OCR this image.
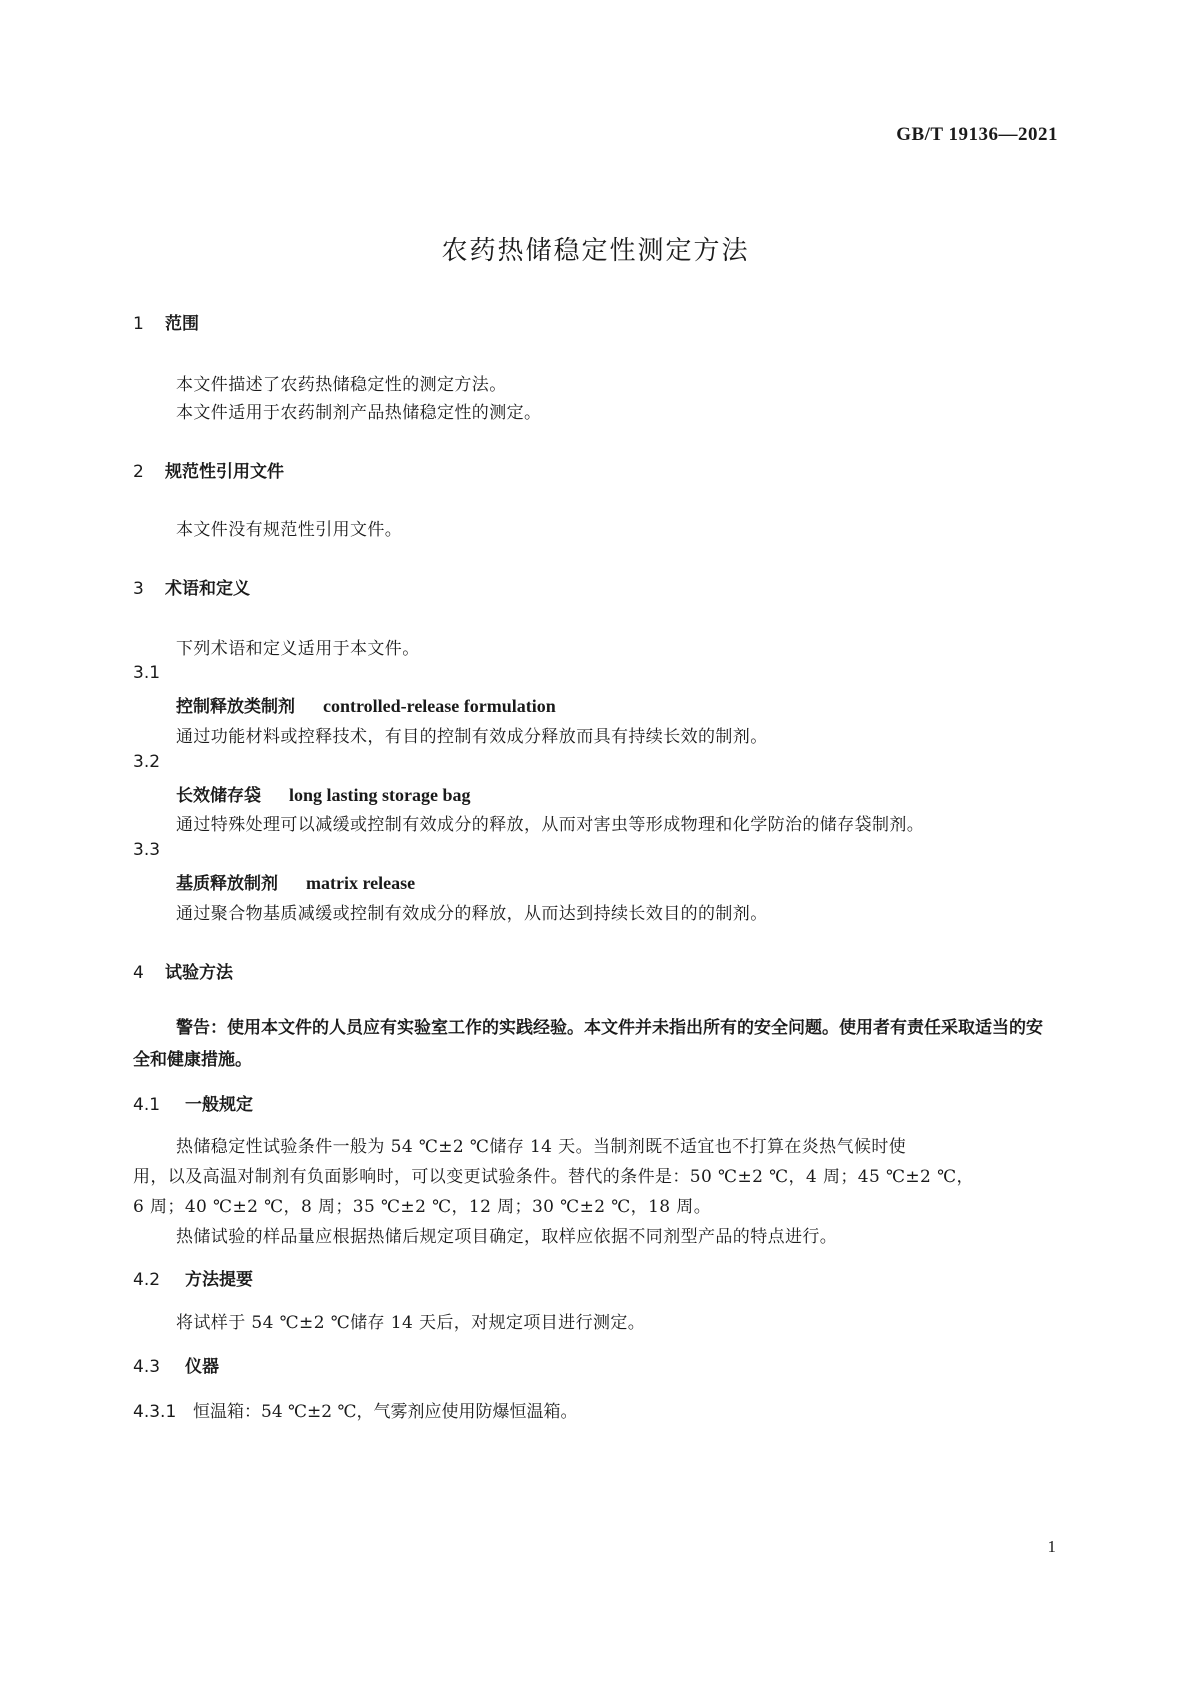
GB/T 19136—2021
农药热储稳定性测定方法
1 范围

本文件描述了农药热储稳定性的测定方法。

本文件适用于农药制剂产品热储稳定性的测定。

2 规范性引用文件

本文件没有规范性引用文件。

3 术语和定义

下列术语和定义适用于本文件。

3.1
控制释放类制剂 controlled-release formulation

通过功能材料或控释技术，有目的控制有效成分释放而具有持续长效的制剂。

3.2
长效储存袋 long lasting storage bag

通过特殊处理可以减缓或控制有效成分的释放，从而对害虫等形成物理和化学防治的储存袋制剂。

3.3
基质释放制剂 matrix release

通过聚合物基质减缓或控制有效成分的释放，从而达到持续长效目的的制剂。

4 试验方法

警告：使用本文件的人员应有实验室工作的实践经验。本文件并未指出所有的安全问题。使用者有责任采取适当的安全和健康措施。

4.1 一般规定

热储稳定性试验条件一般为 54 ℃±2 ℃储存 14 天。当制剂既不适宜也不打算在炎热气候时使

用，以及高温对制剂有负面影响时，可以变更试验条件。替代的条件是：50 ℃±2 ℃，4 周；45 ℃±2 ℃，

6 周；40 ℃±2 ℃，8 周；35 ℃±2 ℃，12 周；30 ℃±2 ℃，18 周。

热储试验的样品量应根据热储后规定项目确定，取样应依据不同剂型产品的特点进行。

4.2 方法提要

将试样于 54 ℃±2 ℃储存 14 天后，对规定项目进行测定。

4.3 仪器
4.3.1 恒温箱：54 ℃±2 ℃，气雾剂应使用防爆恒温箱。
1
